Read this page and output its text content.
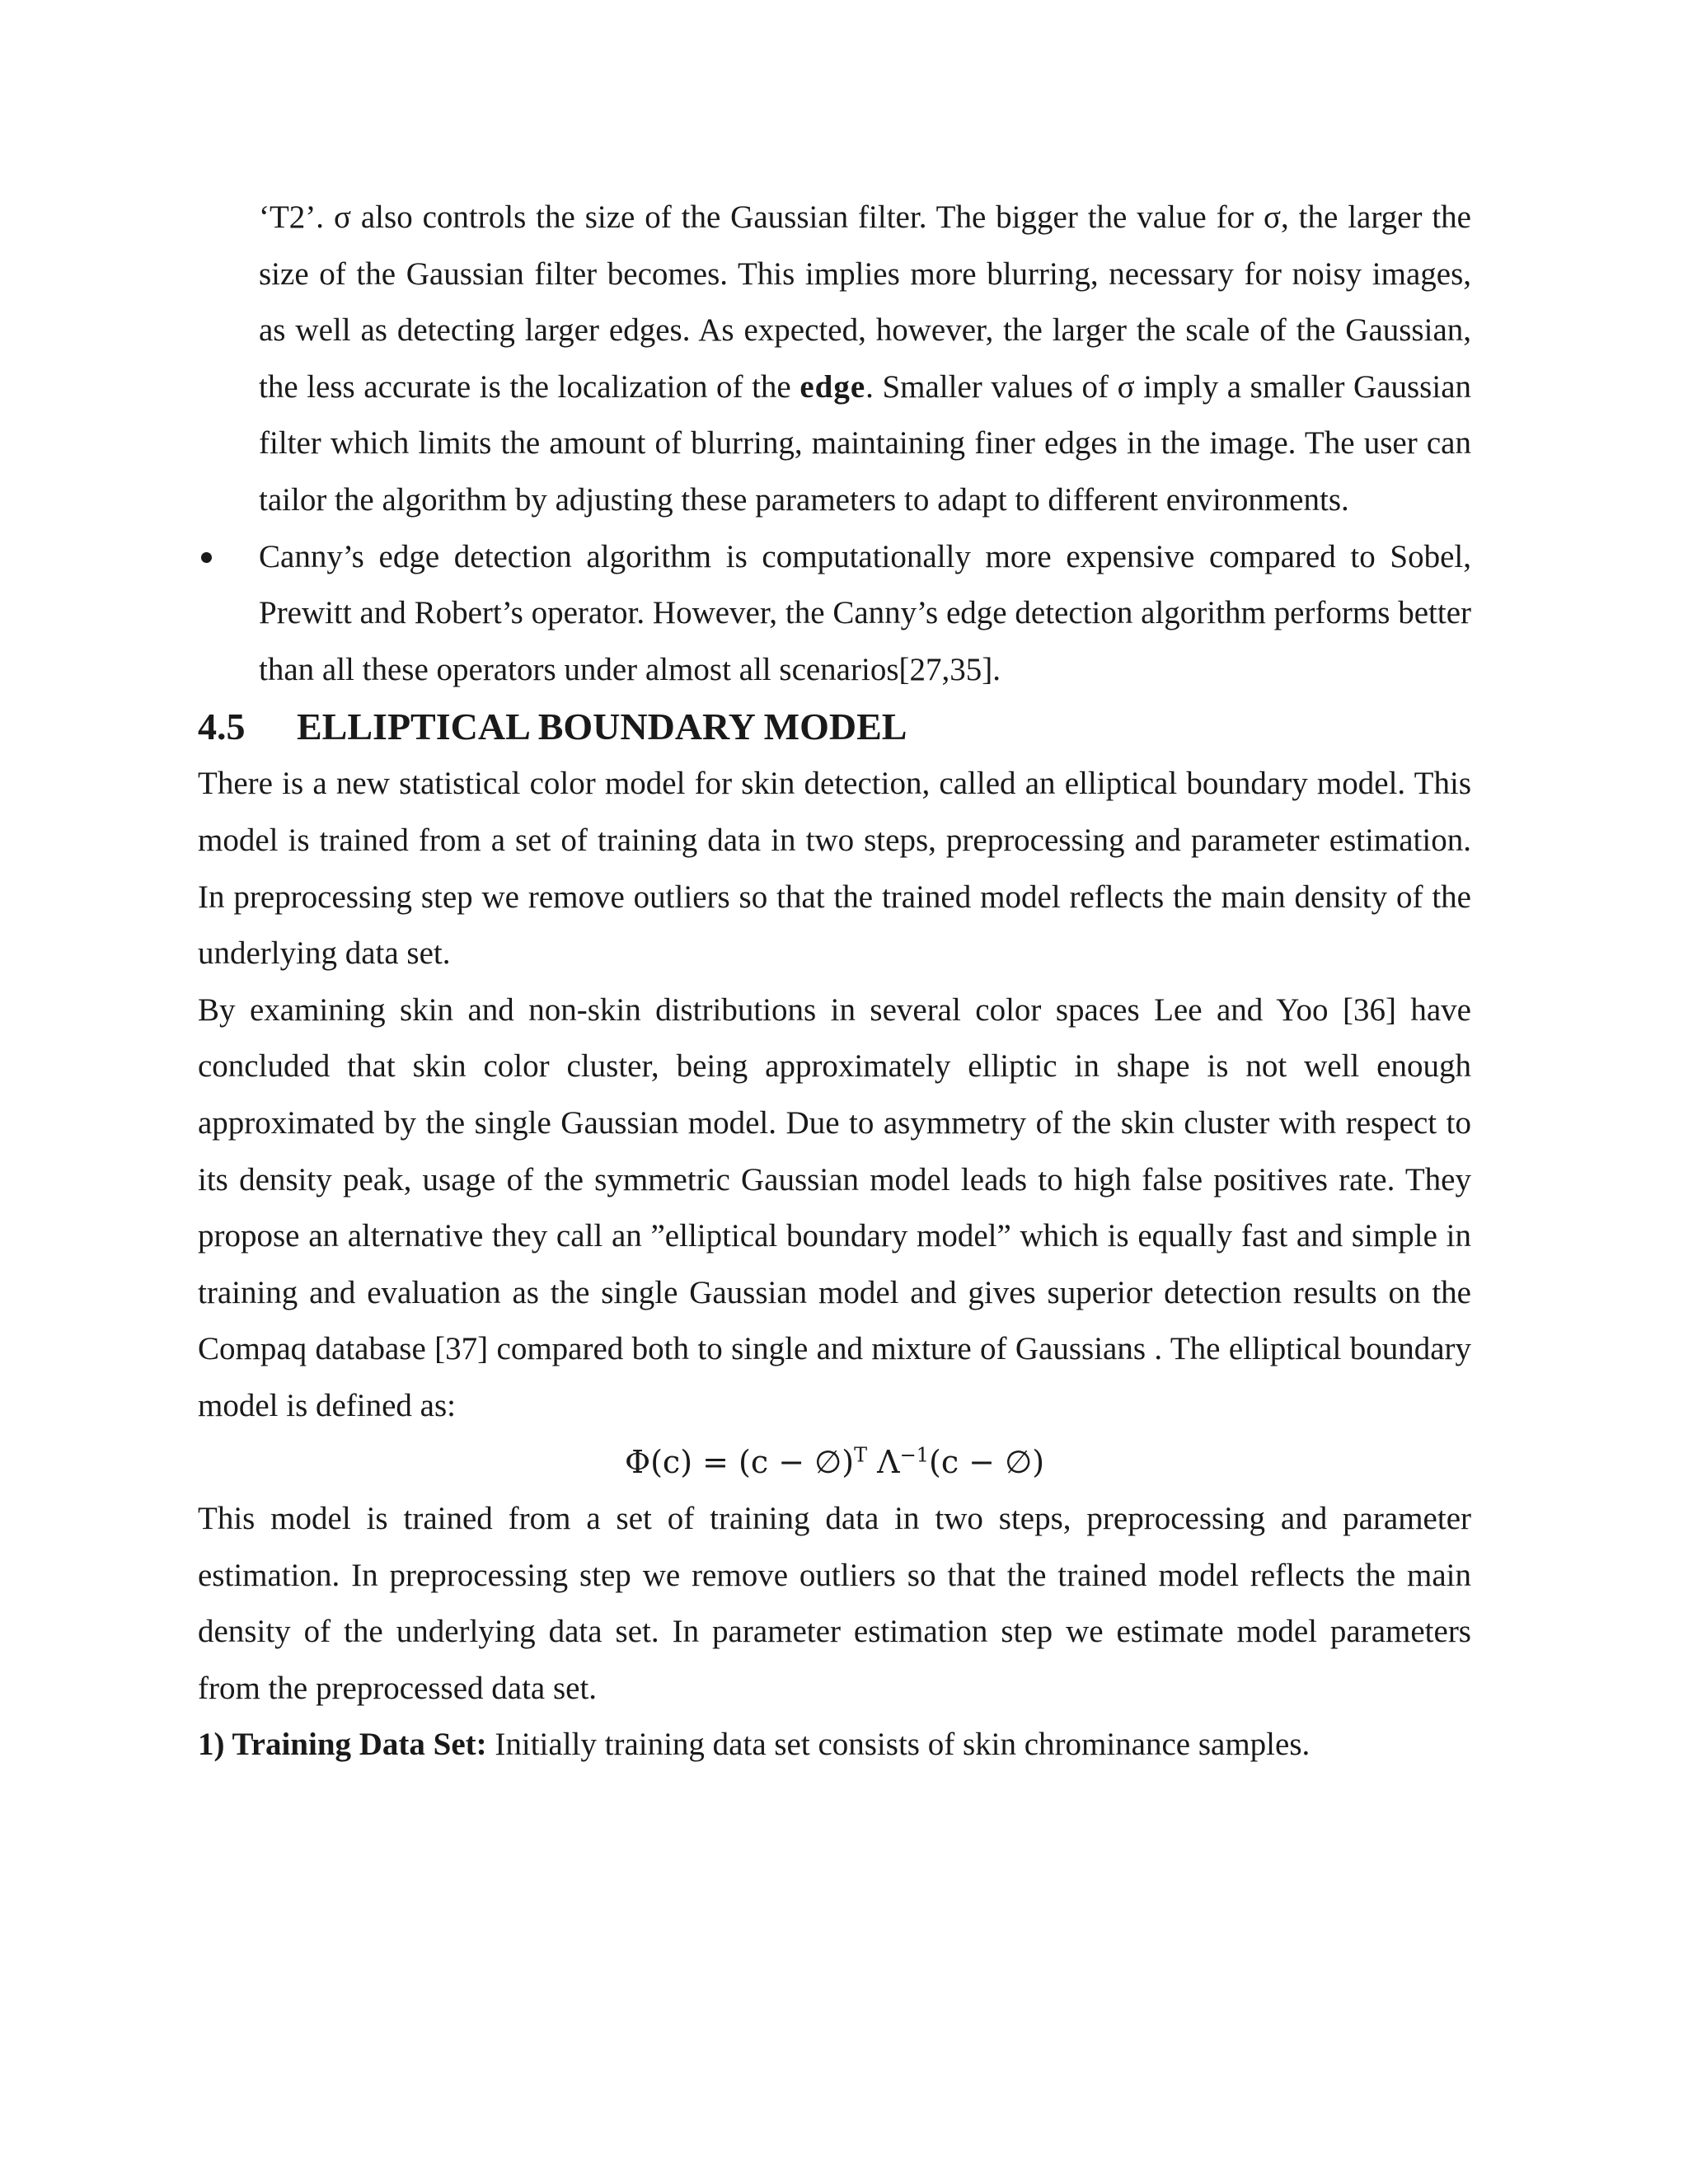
‘T2’. σ also controls the size of the Gaussian filter. The bigger the value for σ, the larger the size of the Gaussian filter becomes. This implies more blurring, necessary for noisy images, as well as detecting larger edges. As expected, however, the larger the scale of the Gaussian, the less accurate is the localization of the edge. Smaller values of σ imply a smaller Gaussian filter which limits the amount of blurring, maintaining finer edges in the image. The user can tailor the algorithm by adjusting these parameters to adapt to different environments.

Canny’s edge detection algorithm is computationally more expensive compared to Sobel, Prewitt and Robert’s operator. However, the Canny’s edge detection algorithm performs better than all these operators under almost all scenarios[27,35].

4.5	ELLIPTICAL BOUNDARY MODEL

There is a new statistical color model for skin detection, called an elliptical boundary model. This model is trained from a set of training data in two steps, preprocessing and parameter estimation. In preprocessing step we remove outliers so that the trained model reflects the main density of the underlying data set.

By examining skin and non-skin distributions in several color spaces Lee and Yoo [36] have concluded that skin color cluster, being approximately elliptic in shape is not well enough approximated by the single Gaussian model. Due to asymmetry of the skin cluster with respect to its density peak, usage of the symmetric Gaussian model leads to high false positives rate. They propose an alternative they call an ”elliptical boundary model” which is equally fast and simple in training and evaluation as the single Gaussian model and gives superior detection results on the Compaq database [37] compared both to single and mixture of Gaussians . The elliptical boundary model is defined as:

Φ(c) = (c − ∅)$^T$ $\Lambda^{-1}(c$ − ∅)

This model is trained from a set of training data in two steps, preprocessing and parameter estimation. In preprocessing step we remove outliers so that the trained model reflects the main density of the underlying data set. In parameter estimation step we estimate model parameters from the preprocessed data set.

1) Training Data Set: Initially training data set consists of skin chrominance samples.
